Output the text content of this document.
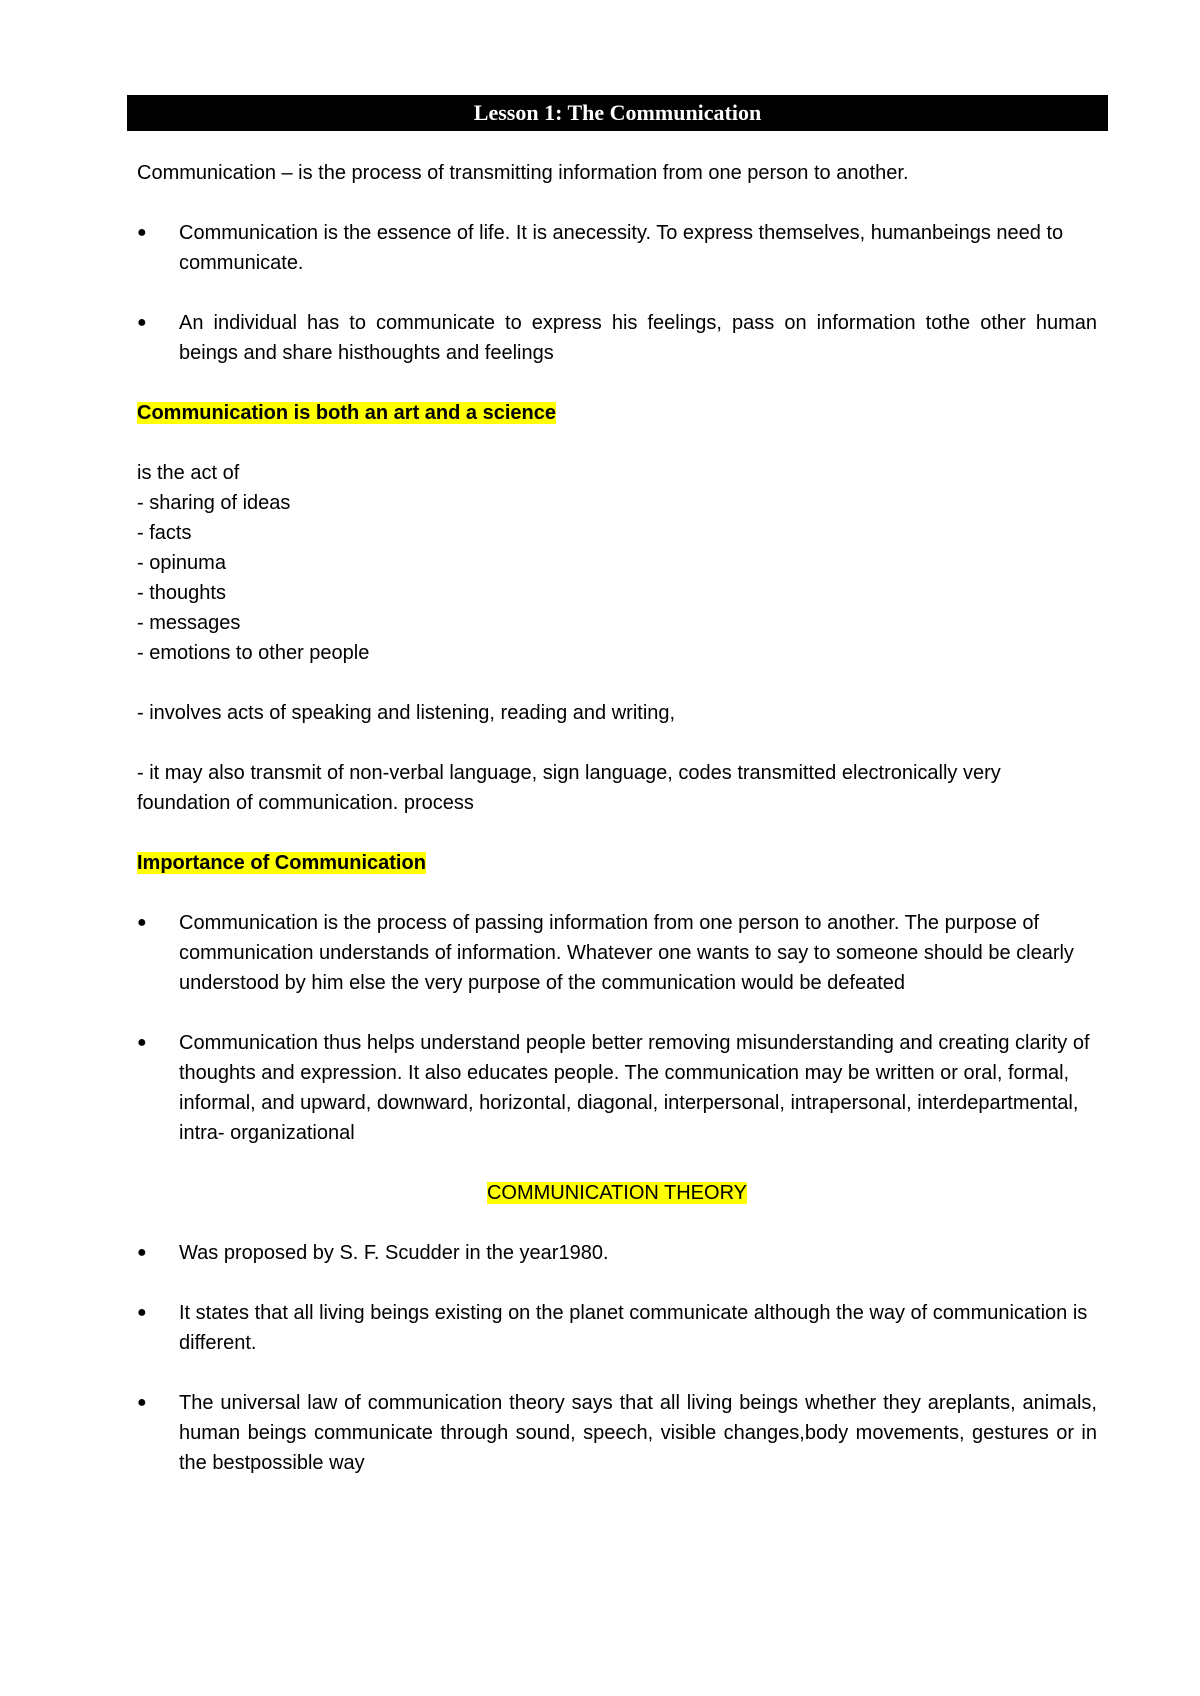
Lesson 1: The Communication

Communication – is the process of transmitting information from one person to another.

●	Communication is the essence of life. It is anecessity. To express themselves, humanbeings need to communicate.
●	An individual has to communicate to express his feelings, pass on information tothe other human beings and share histhoughts and feelings

Communication is both an art and a science

is the act of

- sharing of ideas

- facts

- opinuma

- thoughts

- messages

- emotions to other people

- involves acts of speaking and listening, reading and writing,

- it may also transmit of non-verbal language, sign language, codes transmitted electronically very foundation of communication. process

Importance of Communication

●	Communication is the process of passing information from one person to another. The purpose of communication understands of information. Whatever one wants to say to someone should be clearly understood by him else the very purpose of the communication would be defeated
●	Communication thus helps understand people better removing misunderstanding and creating clarity of thoughts and expression. It also educates people. The communication may be written or oral, formal, informal, and upward, downward, horizontal, diagonal, interpersonal, intrapersonal, interdepartmental, intra- organizational

COMMUNICATION THEORY

●	Was proposed by S. F. Scudder in the year1980.
●	It states that all living beings existing on the planet communicate although the way of communication is different.
●	The universal law of communication theory says that all living beings whether they areplants, animals, human beings communicate through sound, speech, visible changes,body movements, gestures or in the bestpossible way
